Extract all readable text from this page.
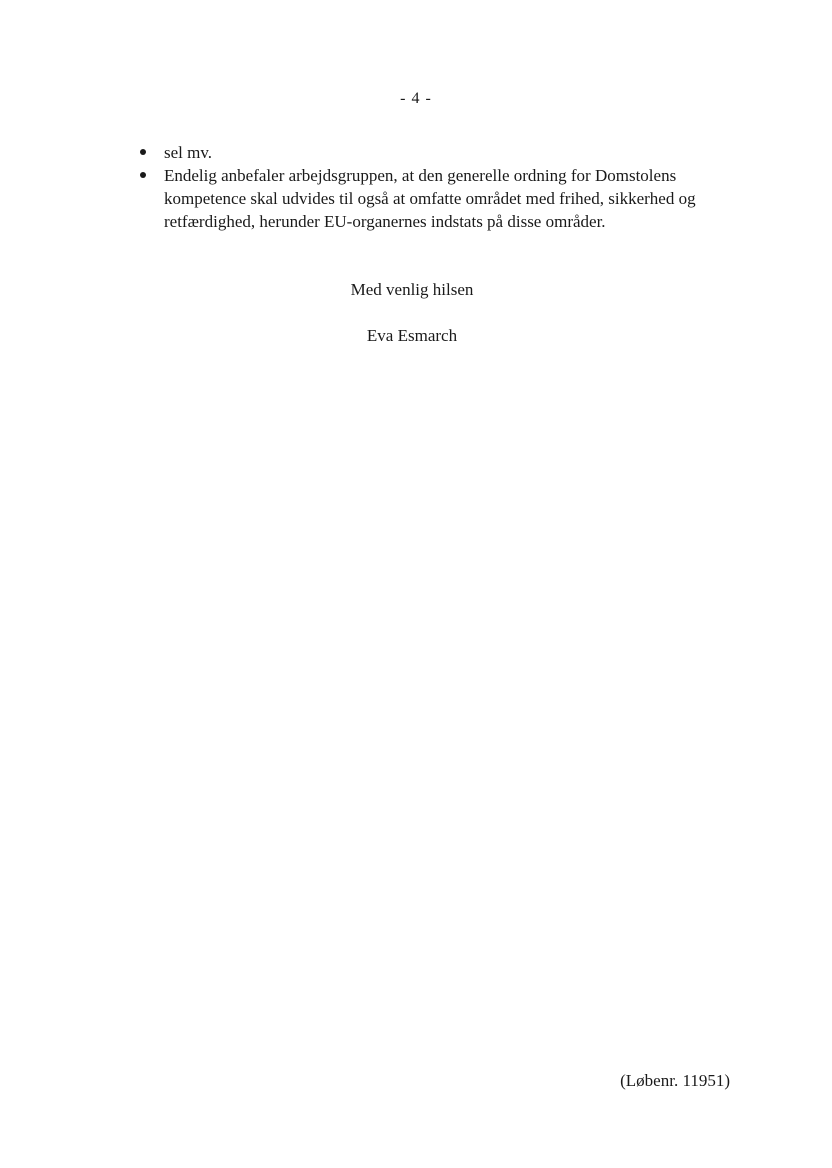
- 4 -
sel mv.
Endelig anbefaler arbejdsgruppen, at den generelle ordning for Domstolens kompetence skal udvides til også at omfatte området med frihed, sikkerhed og retfærdighed, herunder EU-organernes indstats på disse områder.
Med venlig hilsen
Eva Esmarch
(Løbenr. 11951)
